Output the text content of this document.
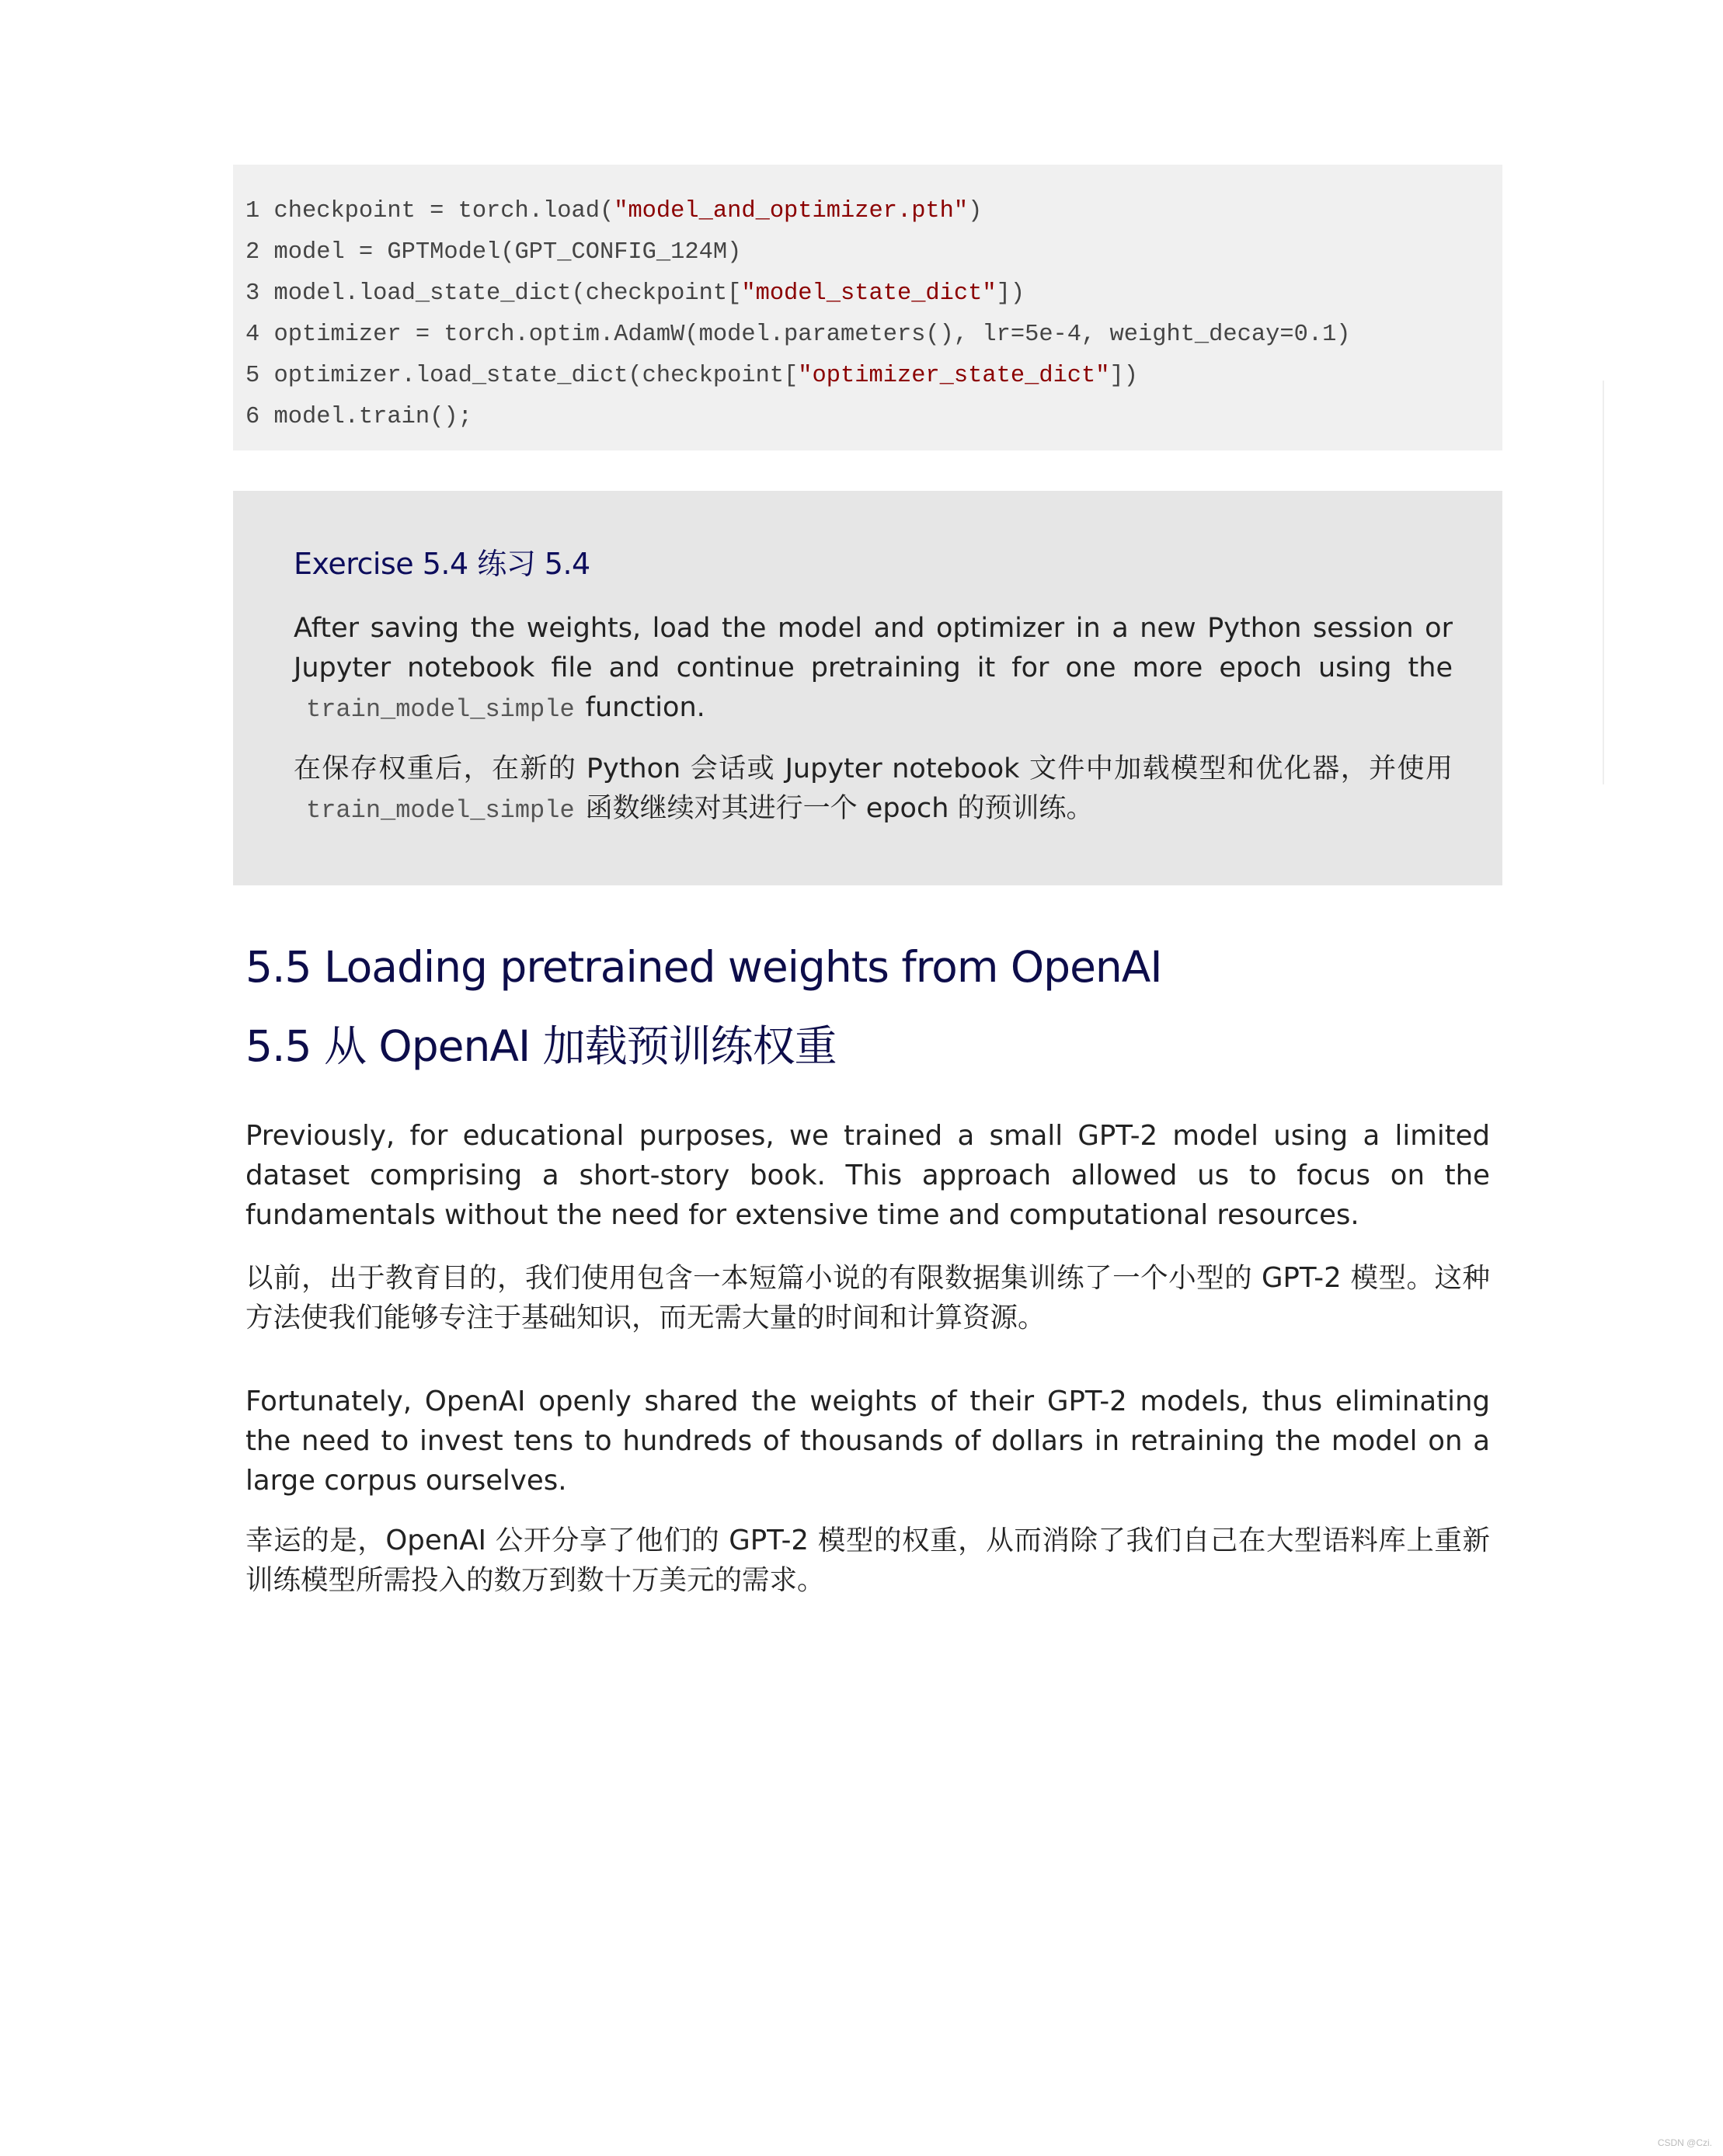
1 checkpoint = torch.load("model_and_optimizer.pth")
2 model = GPTModel(GPT_CONFIG_124M)
3 model.load_state_dict(checkpoint["model_state_dict"])
4 optimizer = torch.optim.AdamW(model.parameters(), lr=5e-4, weight_decay=0.1)
5 optimizer.load_state_dict(checkpoint["optimizer_state_dict"])
6 model.train();
Exercise 5.4 练习 5.4
After saving the weights, load the model and optimizer in a new Python session or Jupyter notebook file and continue pretraining it for one more epoch using the train_model_simple function.
在保存权重后，在新的 Python 会话或 Jupyter notebook 文件中加载模型和优化器，并使用 train_model_simple 函数继续对其进行一个 epoch 的预训练。
5.5 Loading pretrained weights from OpenAI
5.5 从 OpenAI 加载预训练权重
Previously, for educational purposes, we trained a small GPT-2 model using a limited dataset comprising a short-story book. This approach allowed us to focus on the fundamentals without the need for extensive time and computational resources.
以前，出于教育目的，我们使用包含一本短篇小说的有限数据集训练了一个小型的 GPT-2 模型。这种方法使我们能够专注于基础知识，而无需大量的时间和计算资源。
Fortunately, OpenAI openly shared the weights of their GPT-2 models, thus eliminating the need to invest tens to hundreds of thousands of dollars in retraining the model on a large corpus ourselves.
幸运的是，OpenAI 公开分享了他们的 GPT-2 模型的权重，从而消除了我们自己在大型语料库上重新训练模型所需投入的数万到数十万美元的需求。
CSDN @Czi.
